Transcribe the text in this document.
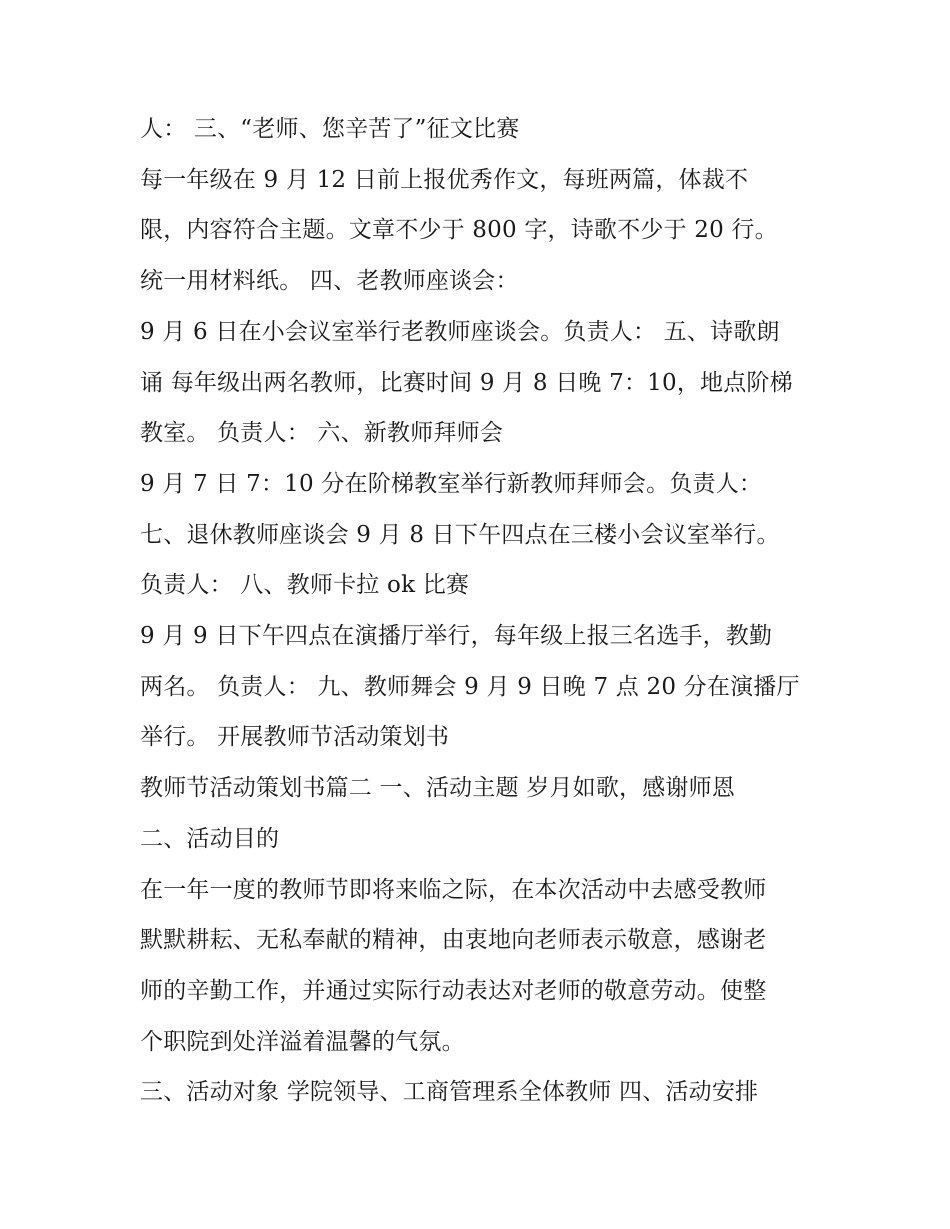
人： 三、“老师、您辛苦了”征文比赛

每一年级在 9 月 12 日前上报优秀作文，每班两篇，体裁不

限，内容符合主题。文章不少于 800 字，诗歌不少于 20 行。

统一用材料纸。 四、老教师座谈会：

9 月 6 日在小会议室举行老教师座谈会。负责人： 五、诗歌朗

诵 每年级出两名教师，比赛时间 9 月 8 日晚 7：10，地点阶梯

教室。 负责人： 六、新教师拜师会

9 月 7 日 7：10 分在阶梯教室举行新教师拜师会。负责人：

七、退休教师座谈会 9 月 8 日下午四点在三楼小会议室举行。

负责人： 八、教师卡拉 ok 比赛

9 月 9 日下午四点在演播厅举行，每年级上报三名选手，教勤

两名。 负责人： 九、教师舞会 9 月 9 日晚 7 点 20 分在演播厅

举行。 开展教师节活动策划书

教师节活动策划书篇二 一、活动主题 岁月如歌，感谢师恩

二、活动目的

在一年一度的教师节即将来临之际，在本次活动中去感受教师

默默耕耘、无私奉献的精神，由衷地向老师表示敬意，感谢老

师的辛勤工作，并通过实际行动表达对老师的敬意劳动。使整

个职院到处洋溢着温馨的气氛。

三、活动对象 学院领导、工商管理系全体教师 四、活动安排
